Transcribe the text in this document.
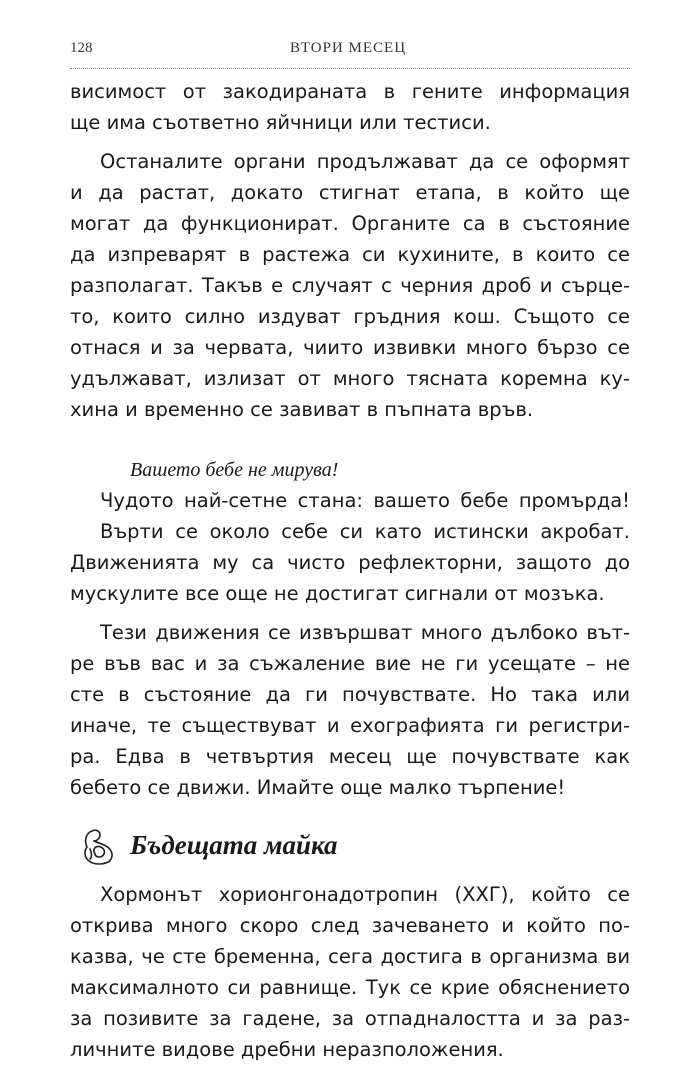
128	ВТОРИ МЕСЕЦ
висимост от закодираната в гените информация
ще има съответно яйчници или тестиси.
Останалите органи продължават да се оформят
и да растат, докато стигнат етапа, в който ще
могат да функционират. Органите са в състояние
да изпреварят в растежа си кухините, в които се
разполагат. Такъв е случаят с черния дроб и сърце-
то, които силно издуват гръдния кош. Същото се
отнася и за червата, чиито извивки много бързо се
удължават, излизат от много тясната коремна ку-
хина и временно се завиват в пъпната връв.
Вашето бебе не мирува!
Чудото най-сетне стана: вашето бебе промърда!
Върти се около себе си като истински акробат.
Движенията му са чисто рефлекторни, защото до
мускулите все още не достигат сигнали от мозъка.
Тези движения се извършват много дълбоко вът-
ре във вас и за съжаление вие не ги усещате – не
сте в състояние да ги почувствате. Но така или
иначе, те съществуват и ехографията ги регистри-
ра. Едва в четвъртия месец ще почувствате как
бебето се движи. Имайте още малко търпение!
Бъдещата майка
Хормонът хорионгонадотропин (ХХГ), който се
открива много скоро след зачеването и който по-
казва, че сте бременна, сега достига в организма ви
максималното си равнище. Тук се крие обяснението
за позивите за гадене, за отпадналостта и за раз-
личните видове дребни неразположения.
